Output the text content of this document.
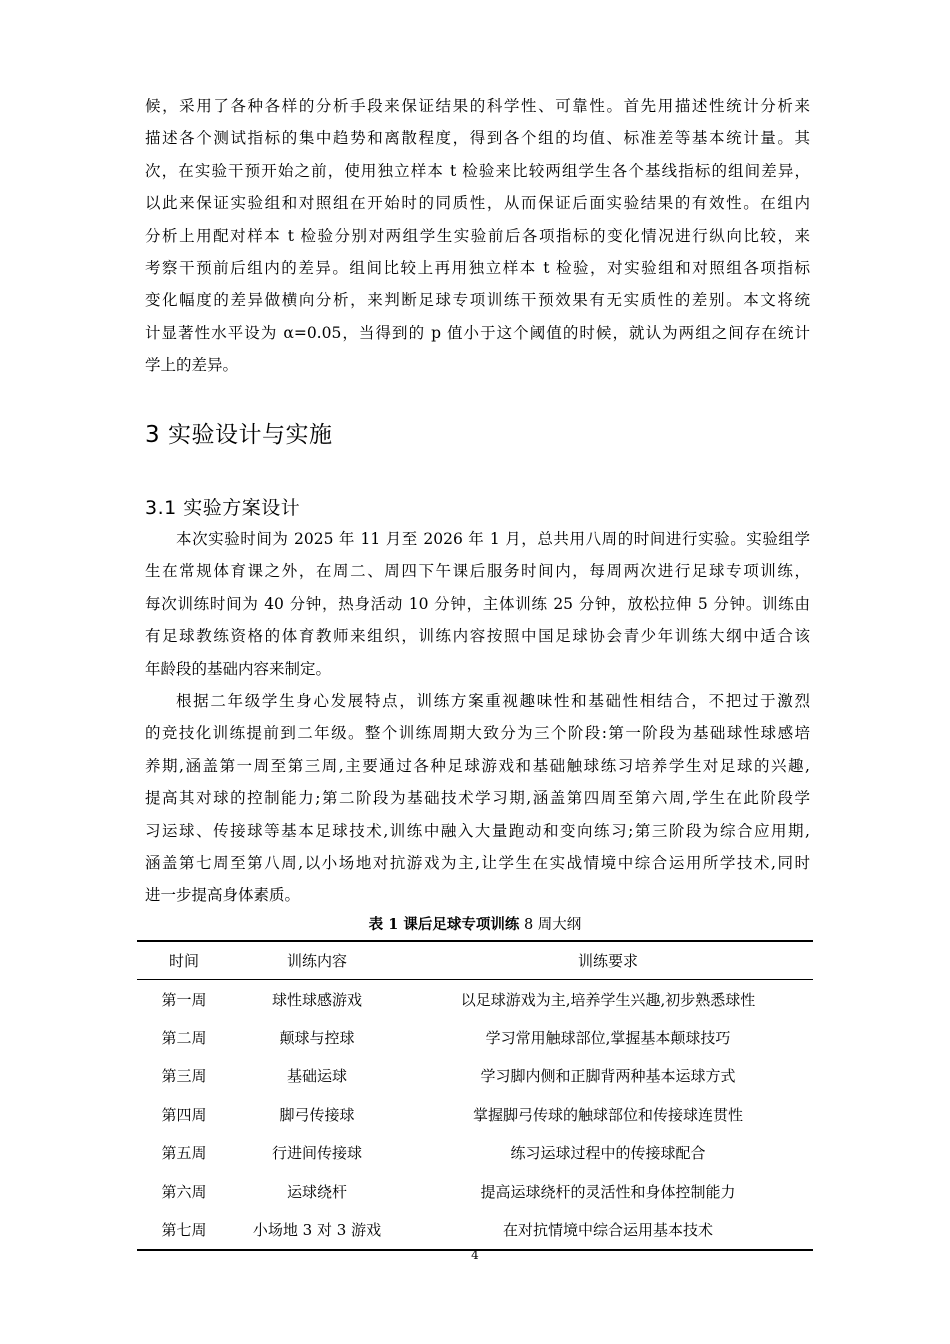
候，采用了各种各样的分析手段来保证结果的科学性、可靠性。首先用描述性统计分析来
描述各个测试指标的集中趋势和离散程度，得到各个组的均值、标准差等基本统计量。其
次，在实验干预开始之前，使用独立样本 t 检验来比较两组学生各个基线指标的组间差异，
以此来保证实验组和对照组在开始时的同质性，从而保证后面实验结果的有效性。在组内
分析上用配对样本 t 检验分别对两组学生实验前后各项指标的变化情况进行纵向比较，来
考察干预前后组内的差异。组间比较上再用独立样本 t 检验，对实验组和对照组各项指标
变化幅度的差异做横向分析，来判断足球专项训练干预效果有无实质性的差别。本文将统
计显著性水平设为 α=0.05，当得到的 p 值小于这个阈值的时候，就认为两组之间存在统计
学上的差异。
3 实验设计与实施
3.1 实验方案设计
本次实验时间为 2025 年 11 月至 2026 年 1 月，总共用八周的时间进行实验。实验组学
生在常规体育课之外，在周二、周四下午课后服务时间内，每周两次进行足球专项训练，
每次训练时间为 40 分钟，热身活动 10 分钟，主体训练 25 分钟，放松拉伸 5 分钟。训练由
有足球教练资格的体育教师来组织，训练内容按照中国足球协会青少年训练大纲中适合该
年龄段的基础内容来制定。
根据二年级学生身心发展特点，训练方案重视趣味性和基础性相结合，不把过于激烈
的竞技化训练提前到二年级。整个训练周期大致分为三个阶段:第一阶段为基础球性球感培
养期,涵盖第一周至第三周,主要通过各种足球游戏和基础触球练习培养学生对足球的兴趣,
提高其对球的控制能力;第二阶段为基础技术学习期,涵盖第四周至第六周,学生在此阶段学
习运球、传接球等基本足球技术,训练中融入大量跑动和变向练习;第三阶段为综合应用期,
涵盖第七周至第八周,以小场地对抗游戏为主,让学生在实战情境中综合运用所学技术,同时
进一步提高身体素质。

表 1 课后足球专项训练 8 周大纲

时间	训练内容	训练要求
第一周	球性球感游戏	以足球游戏为主,培养学生兴趣,初步熟悉球性
第二周	颠球与控球	学习常用触球部位,掌握基本颠球技巧
第三周	基础运球	学习脚内侧和正脚背两种基本运球方式
第四周	脚弓传接球	掌握脚弓传球的触球部位和传接球连贯性
第五周	行进间传接球	练习运球过程中的传接球配合
第六周	运球绕杆	提高运球绕杆的灵活性和身体控制能力
第七周	小场地 3 对 3 游戏	在对抗情境中综合运用基本技术
4
